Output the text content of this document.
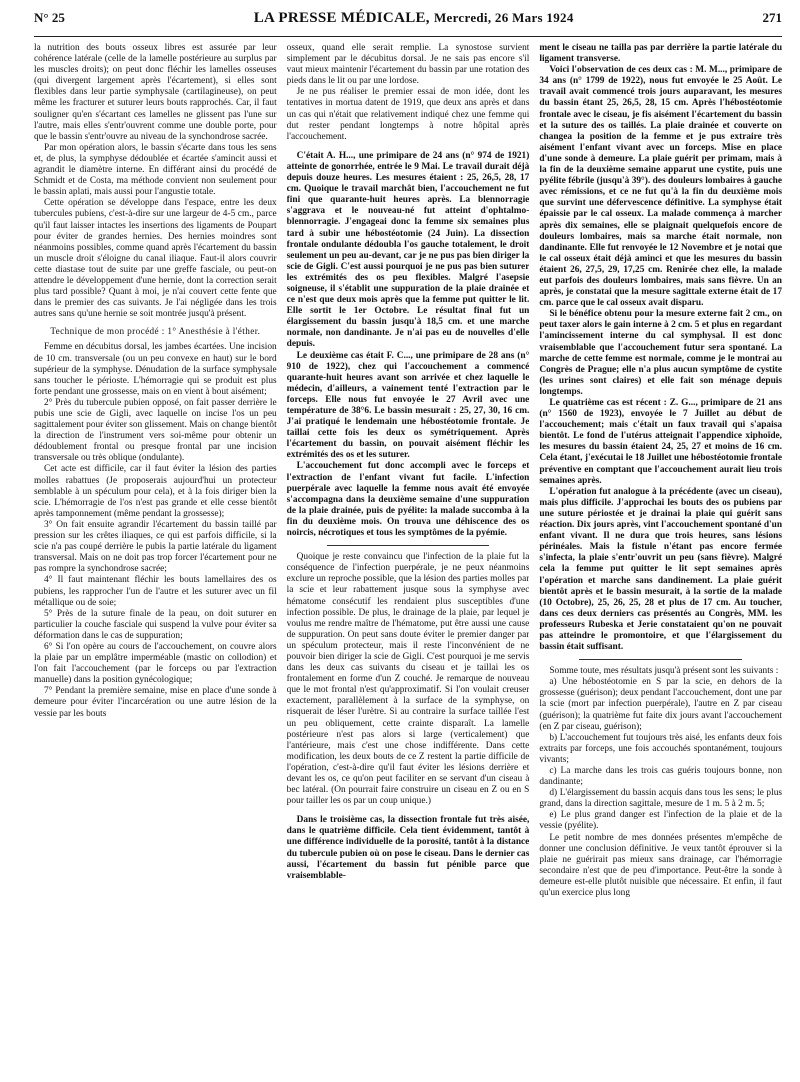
N° 25	LA PRESSE MÉDICALE, Mercredi, 26 Mars 1924	271

la nutrition des bouts osseux libres est assurée par leur cohérence latérale (celle de la lamelle postérieure au surplus par les muscles droits); on peut donc fléchir les lamelles osseuses (qui divergent largement après l'écartement), si elles sont flexibles dans leur partie symphysale (cartilagineuse), on peut même les fracturer et suturer leurs bouts rapprochés. Car, il faut souligner qu'en s'écartant ces lamelles ne glissent pas l'une sur l'autre, mais elles s'entr'ouvrent comme une double porte, pour que le bassin s'entr'ouvre au niveau de la synchondrose sacrée.

Par mon opération alors, le bassin s'écarte dans tous les sens et, de plus, la symphyse dédoublée et écartée s'amincit aussi et agrandit le diamètre interne. En différant ainsi du procédé de Schmidt et de Costa, ma méthode convient non seulement pour le bassin aplati, mais aussi pour l'angustie totale.

Cette opération se développe dans l'espace, entre les deux tubercules pubiens, c'est-à-dire sur une largeur de 4-5 cm., parce qu'il faut laisser intactes les insertions des ligaments de Poupart pour éviter de grandes hernies. Des hernies moindres sont néanmoins possibles, comme quand après l'écartement du bassin un muscle droit s'éloigne du canal iliaque. Faut-il alors couvrir cette diastase tout de suite par une greffe fasciale, ou peut-on attendre le développement d'une hernie, dont la correction serait plus tard possible? Quant à moi, je n'ai couvert cette fente que dans le premier des cas suivants. Je l'ai négligée dans les trois autres sans qu'une hernie se soit montrée jusqu'à présent.

Technique de mon procédé : 1° Anesthésie à l'éther.

Femme en décubitus dorsal, les jambes écartées. Une incision de 10 cm. transversale (ou un peu convexe en haut) sur le bord supérieur de la symphyse. Dénudation de la surface symphysale sans toucher le périoste. L'hémorragie qui se produit est plus forte pendant une grossesse, mais on en vient à bout aisément;

2° Près du tubercule pubien opposé, on fait passer derrière le pubis une scie de Gigli, avec laquelle on incise l'os un peu sagittalement pour éviter son glissement. Mais on change bientôt la direction de l'instrument vers soi-même pour obtenir un dédoublement frontal ou presque frontal par une incision transversale ou très oblique (ondulante).

Cet acte est difficile, car il faut éviter la lésion des parties molles rabattues (Je proposerais aujourd'hui un protecteur semblable à un spéculum pour cela), et à la fois diriger bien la scie. L'hémorragie de l'os n'est pas grande et elle cesse bientôt après tamponnement (même pendant la grossesse);

3° On fait ensuite agrandir l'écartement du bassin taillé par pression sur les crêtes iliaques, ce qui est parfois difficile, si la scie n'a pas coupé derrière le pubis la partie latérale du ligament transversal. Mais on ne doit pas trop forcer l'écartement pour ne pas rompre la synchondrose sacrée;

4° Il faut maintenant fléchir les bouts lamellaires des os pubiens, les rapprocher l'un de l'autre et les suturer avec un fil métallique ou de soie;

5° Près de la suture finale de la peau, on doit suturer en particulier la couche fasciale qui suspend la vulve pour éviter sa déformation dans le cas de suppuration;

6° Si l'on opère au cours de l'accouchement, on couvre alors la plaie par un emplâtre imperméable (mastic on collodion) et l'on fait l'accouchement (par le forceps ou par l'extraction manuelle) dans la position gynécologique;

7° Pendant la première semaine, mise en place d'une sonde à demeure pour éviter l'incarcération ou une autre lésion de la vessie par les bouts

osseux, quand elle serait remplie. La synostose survient simplement par le décubitus dorsal. Je ne sais pas encore s'il vaut mieux maintenir l'écartement du bassin par une rotation des pieds dans le lit ou par une lordose.

Je ne pus réaliser le premier essai de mon idée, dont les tentatives in mortua datent de 1919, que deux ans après et dans un cas qui n'était que relativement indiqué chez une femme qui dut rester pendant longtemps à notre hôpital après l'accouchement.

C'était A. H..., une primipare de 24 ans (n° 974 de 1921) atteinte de gonorrhée, entrée le 9 Mai. Le travail durait déjà depuis douze heures. Les mesures étaient : 25, 26,5, 28, 17 cm. Quoique le travail marchât bien, l'accouchement ne fut fini que quarante-huit heures après. La blennorragie s'aggrava et le nouveau-né fut atteint d'ophtalmo-blennorragie. J'engageai donc la femme six semaines plus tard à subir une hébostéotomie (24 Juin). La dissection frontale ondulante dédoubla l'os gauche totalement, le droit seulement un peu au-devant, car je ne pus pas bien diriger la scie de Gigli. C'est aussi pourquoi je ne pus pas bien suturer les extrémités des os peu flexibles. Malgré l'asepsie soigneuse, il s'établit une suppuration de la plaie drainée et ce n'est que deux mois après que la femme put quitter le lit. Elle sortit le 1er Octobre. Le résultat final fut un élargissement du bassin jusqu'à 18,5 cm. et une marche normale, non dandinante. Je n'ai pas eu de nouvelles d'elle depuis.

Le deuxième cas était F. C..., une primipare de 28 ans (n° 910 de 1922), chez qui l'accouchement a commencé quarante-huit heures avant son arrivée et chez laquelle le médecin, d'ailleurs, a vainement tenté l'extraction par le forceps. Elle nous fut envoyée le 27 Avril avec une température de 38°6. Le bassin mesurait : 25, 27, 30, 16 cm. J'ai pratiqué le lendemain une hébostéotomie frontale. Je taillai cette fois les deux os symétriquement. Après l'écartement du bassin, on pouvait aisément fléchir les extrémités des os et les suturer.

L'accouchement fut donc accompli avec le forceps et l'extraction de l'enfant vivant fut facile. L'infection puerpérale avec laquelle la femme nous avait été envoyée s'accompagna dans la deuxième semaine d'une suppuration de la plaie drainée, puis de pyélite: la malade succomba à la fin du deuxième mois. On trouva une déhiscence des os noircis, nécrotiques et tous les symptômes de la pyémie.

Quoique je reste convaincu que l'infection de la plaie fut la conséquence de l'infection puerpérale, je ne peux néanmoins exclure un reproche possible, que la lésion des parties molles par la scie et leur rabattement jusque sous la symphyse avec hématome consécutif les rendaient plus susceptibles d'une infection possible. De plus, le drainage de la plaie, par lequel je voulus me rendre maître de l'hématome, put être aussi une cause de suppuration. On peut sans doute éviter le premier danger par un spéculum protecteur, mais il reste l'inconvénient de ne pouvoir bien diriger la scie de Gigli. C'est pourquoi je me servis dans les deux cas suivants du ciseau et je taillai les os frontalement en forme d'un Z couché. Je remarque de nouveau que le mot frontal n'est qu'approximatif. Si l'on voulait creuser exactement, parallèlement à la surface de la symphyse, on risquerait de léser l'urètre. Si au contraire la surface taillée l'est un peu obliquement, cette crainte disparaît. La lamelle postérieure n'est pas alors si large (verticalement) que l'antérieure, mais c'est une chose indifférente. Dans cette modification, les deux bouts de ce Z restent la partie difficile de l'opération, c'est-à-dire qu'il faut éviter les lésions derrière et devant les os, ce qu'on peut faciliter en se servant d'un ciseau à bec latéral. (On pourrait faire construire un ciseau en Z ou en S pour tailler les os par un coup unique.)

Dans le troisième cas, la dissection frontale fut très aisée, dans le quatrième difficile. Cela tient évidemment, tantôt à une différence individuelle de la porosité, tantôt à la distance du tubercule pubien où on pose le ciseau. Dans le dernier cas aussi, l'écartement du bassin fut pénible parce que vraisemblable-

ment le ciseau ne tailla pas par derrière la partie latérale du ligament transverse.

Voici l'observation de ces deux cas : M. M..., primipare de 34 ans (n° 1799 de 1922), nous fut envoyée le 25 Août. Le travail avait commencé trois jours auparavant, les mesures du bassin étant 25, 26,5, 28, 15 cm. Après l'hébostéotomie frontale avec le ciseau, je fis aisément l'écartement du bassin et la suture des os taillés. La plaie drainée et couverte on changea la position de la femme et je pus extraire très aisément l'enfant vivant avec un forceps. Mise en place d'une sonde à demeure. La plaie guérit per primam, mais à la fin de la deuxième semaine apparut une cystite, puis une pyélite fébrile (jusqu'à 39°). des douleurs lombaires à gauche avec rémissions, et ce ne fut qu'à la fin du deuxième mois que survint une défervescence définitive. La symphyse était épaissie par le cal osseux. La malade commença à marcher après dix semaines, elle se plaignait quelquefois encore de douleurs lombaires, mais sa marche était normale, non dandinante. Elle fut renvoyée le 12 Novembre et je notai que le cal osseux était déjà aminci et que les mesures du bassin étaient 26, 27,5, 29, 17,25 cm. Renirée chez elle, la malade eut parfois des douleurs lombaires, mais sans fièvre. Un an après, je constatai que la mesure sagittale externe était de 17 cm. parce que le cal osseux avait disparu.

Si le bénéfice obtenu pour la mesure externe fait 2 cm., on peut taxer alors le gain interne à 2 cm. 5 et plus en regardant l'amincissement interne du cal symphysal. Il est donc vraisemblable que l'accouchement futur sera spontané. La marche de cette femme est normale, comme je le montrai au Congrès de Prague; elle n'a plus aucun symptôme de cystite (les urines sont claires) et elle fait son ménage depuis longtemps.

Le quatrième cas est récent : Z. G..., primipare de 21 ans (n° 1560 de 1923), envoyée le 7 Juillet au début de l'accouchement; mais c'était un faux travail qui s'apaisa bientôt. Le fond de l'utérus atteignait l'appendice xiphoïde, les mesures du bassin étaient 24, 25, 27 et moins de 16 cm. Cela étant, j'exécutai le 18 Juillet une hébostéotomie frontale préventive en comptant que l'accouchement aurait lieu trois semaines après.

L'opération fut analogue à la précédente (avec un ciseau), mais plus difficile. J'approchai les bouts des os pubiens par une suture périostée et je drainai la plaie qui guérit sans réaction. Dix jours après, vint l'accouchement spontané d'un enfant vivant. Il ne dura que trois heures, sans lésions périnéales. Mais la fistule n'étant pas encore fermée s'infecta, la plaie s'entr'ouvrit un peu (sans fièvre). Malgré cela la femme put quitter le lit sept semaines après l'opération et marche sans dandinement. La plaie guérit bientôt après et le bassin mesurait, à la sortie de la malade (10 Octobre), 25, 26, 25, 28 et plus de 17 cm. Au toucher, dans ces deux derniers cas présentés au Congrès, MM. les professeurs Rubeska et Jerie constataient qu'on ne pouvait pas atteindre le promontoire, et que l'élargissement du bassin était suffisant.

Somme toute, mes résultats jusqu'à présent sont les suivants :

a) Une hébostéotomie en S par la scie, en dehors de la grossesse (guérison); deux pendant l'accouchement, dont une par la scie (mort par infection puerpérale), l'autre en Z par ciseau (guérison); la quatrième fut faite dix jours avant l'accouchement (en Z par ciseau, guérison);

b) L'accouchement fut toujours très aisé, les enfants deux fois extraits par forceps, une fois accouchés spontanément, toujours vivants;

c) La marche dans les trois cas guéris toujours bonne, non dandinante;

d) L'élargissement du bassin acquis dans tous les sens; le plus grand, dans la direction sagittale, mesure de 1 m. 5 à 2 m. 5;

e) Le plus grand danger est l'infection de la plaie et de la vessie (pyélite).

Le petit nombre de mes données présentes m'empêche de donner une conclusion définitive. Je veux tantôt éprouver si la plaie ne guérirait pas mieux sans drainage, car l'hémorragie secondaire n'est que de peu d'importance. Peut-être la sonde à demeure est-elle plutôt nuisible que nécessaire. Et enfin, il faut qu'un exercice plus long
